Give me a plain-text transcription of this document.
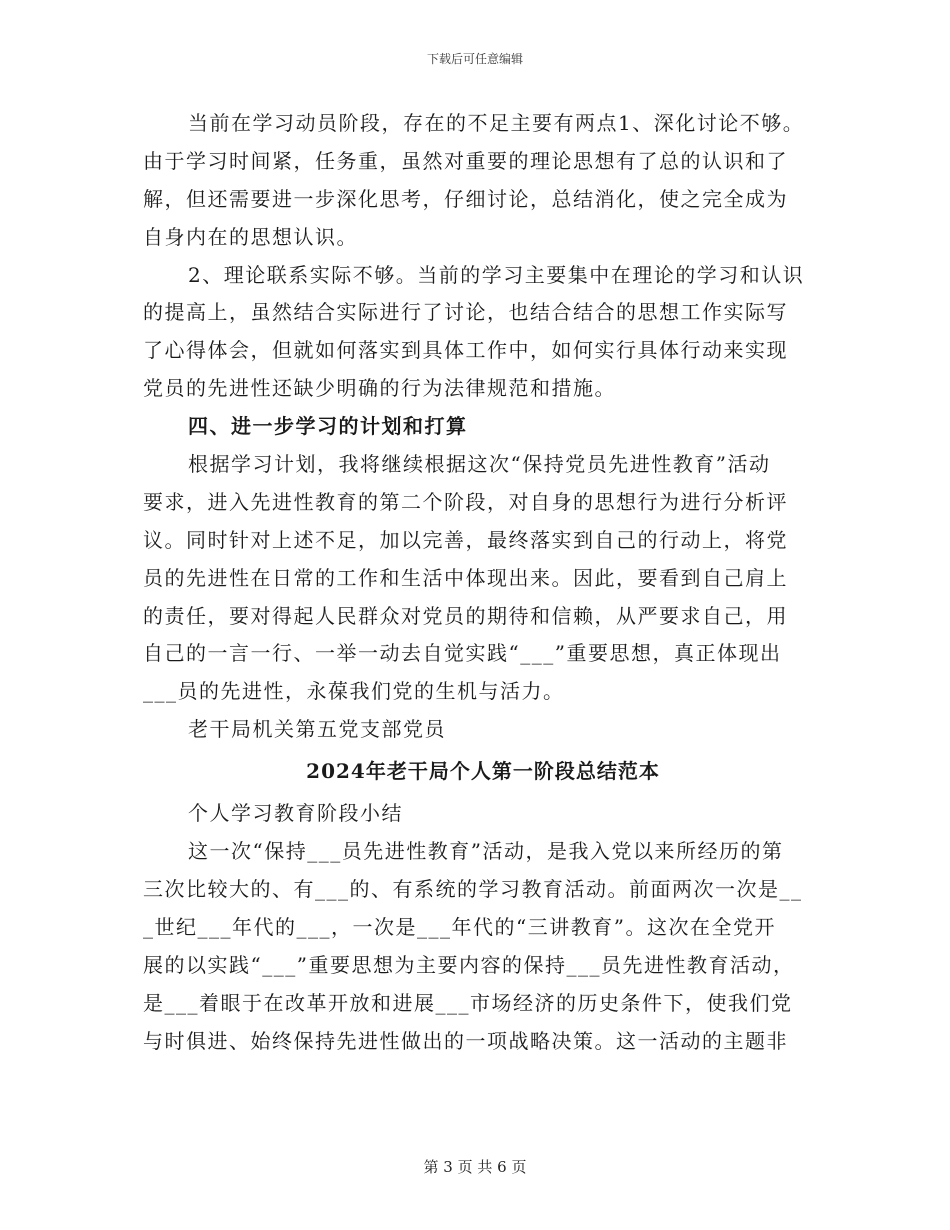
下载后可任意编辑
当前在学习动员阶段，存在的不足主要有两点1、深化讨论不够。
由于学习时间紧，任务重，虽然对重要的理论思想有了总的认识和了
解，但还需要进一步深化思考，仔细讨论，总结消化，使之完全成为
自身内在的思想认识。
2、理论联系实际不够。当前的学习主要集中在理论的学习和认识
的提高上，虽然结合实际进行了讨论，也结合结合的思想工作实际写
了心得体会，但就如何落实到具体工作中，如何实行具体行动来实现
党员的先进性还缺少明确的行为法律规范和措施。
四、进一步学习的计划和打算
根据学习计划，我将继续根据这次“保持党员先进性教育”活动
要求，进入先进性教育的第二个阶段，对自身的思想行为进行分析评
议。同时针对上述不足，加以完善，最终落实到自己的行动上，将党
员的先进性在日常的工作和生活中体现出来。因此，要看到自己肩上
的责任，要对得起人民群众对党员的期待和信赖，从严要求自己，用
自己的一言一行、一举一动去自觉实践“___”重要思想，真正体现出
___员的先进性，永葆我们党的生机与活力。
老干局机关第五党支部党员
2024年老干局个人第一阶段总结范本
个人学习教育阶段小结
这一次“保持___员先进性教育”活动，是我入党以来所经历的第
三次比较大的、有___的、有系统的学习教育活动。前面两次一次是__
_世纪___年代的___，一次是___年代的“三讲教育”。这次在全党开
展的以实践“___”重要思想为主要内容的保持___员先进性教育活动，
是___着眼于在改革开放和进展___市场经济的历史条件下，使我们党
与时俱进、始终保持先进性做出的一项战略决策。这一活动的主题非
第 3 页 共 6 页
